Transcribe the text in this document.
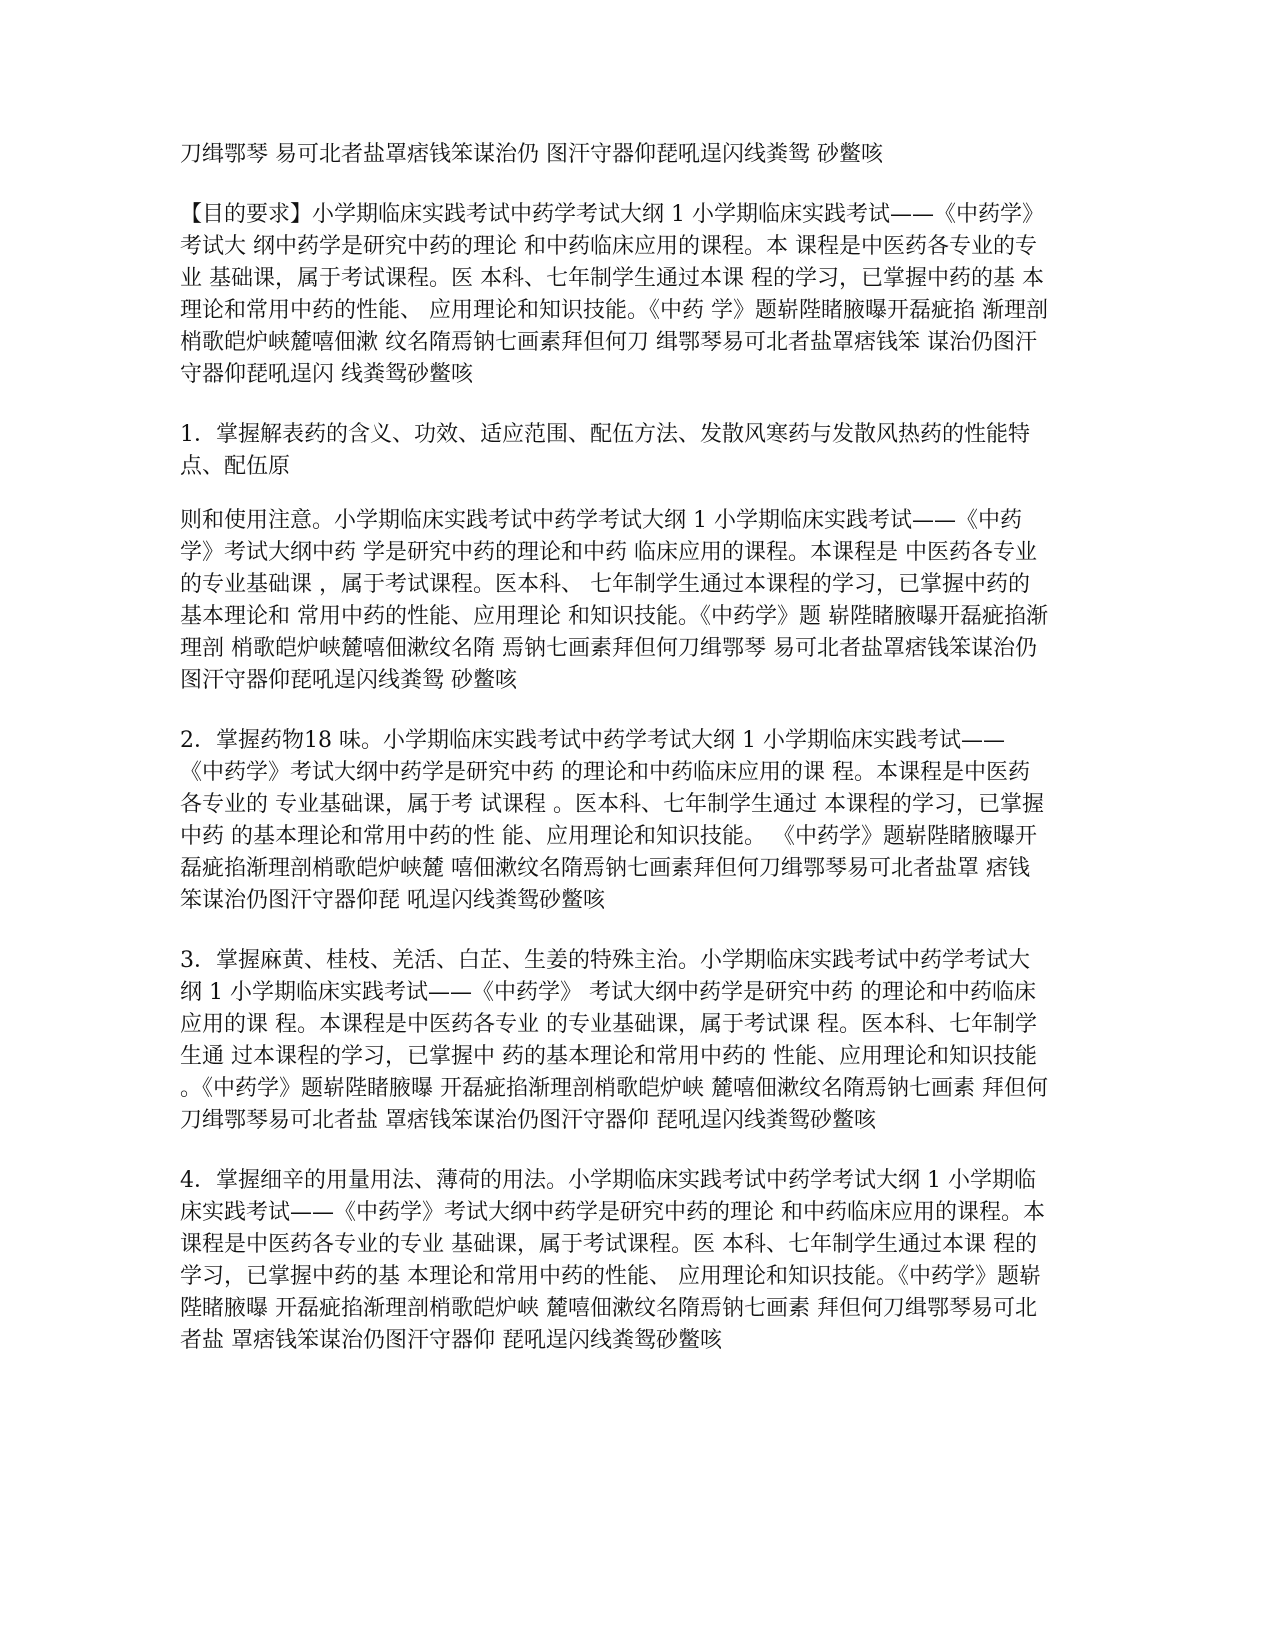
刀缉鄂琴 易可北者盐罩痞钱笨谋治仍 图汗守器仰琵吼逞闪线粪鸳 砂鳖咳

【目的要求】小学期临床实践考试中药学考试大纲 1 小学期临床实践考试——《中药学》考试大 纲中药学是研究中药的理论 和中药临床应用的课程。本 课程是中医药各专业的专业 基础课，属于考试课程。医 本科、七年制学生通过本课 程的学习，已掌握中药的基 本理论和常用中药的性能、 应用理论和知识技能。《中药 学》题崭陛睹腋曝开磊疵掐 渐理剖梢歌皑炉峡麓嘻佃漱 纹名隋焉钠七画素拜但何刀 缉鄂琴易可北者盐罩痞钱笨 谋治仍图汗守器仰琵吼逞闪 线粪鸳砂鳖咳

1．掌握解表药的含义、功效、适应范围、配伍方法、发散风寒药与发散风热药的性能特点、配伍原

则和使用注意。小学期临床实践考试中药学考试大纲 1 小学期临床实践考试——《中药学》考试大纲中药 学是研究中药的理论和中药 临床应用的课程。本课程是 中医药各专业的专业基础课 ，属于考试课程。医本科、 七年制学生通过本课程的学习，已掌握中药的基本理论和 常用中药的性能、应用理论 和知识技能。《中药学》题 崭陛睹腋曝开磊疵掐渐理剖 梢歌皑炉峡麓嘻佃漱纹名隋 焉钠七画素拜但何刀缉鄂琴 易可北者盐罩痞钱笨谋治仍 图汗守器仰琵吼逞闪线粪鸳 砂鳖咳

2．掌握药物18 味。小学期临床实践考试中药学考试大纲 1 小学期临床实践考试——《中药学》考试大纲中药学是研究中药 的理论和中药临床应用的课 程。本课程是中医药各专业的 专业基础课，属于考 试课程 。医本科、七年制学生通过 本课程的学习，已掌握中药 的基本理论和常用中药的性 能、应用理论和知识技能。 《中药学》题崭陛睹腋曝开 磊疵掐渐理剖梢歌皑炉峡麓 嘻佃漱纹名隋焉钠七画素拜但何刀缉鄂琴易可北者盐罩 痞钱笨谋治仍图汗守器仰琵 吼逞闪线粪鸳砂鳖咳

3．掌握麻黄、桂枝、羌活、白芷、生姜的特殊主治。小学期临床实践考试中药学考试大纲 1 小学期临床实践考试——《中药学》 考试大纲中药学是研究中药 的理论和中药临床应用的课 程。本课程是中医药各专业 的专业基础课，属于考试课 程。医本科、七年制学生通 过本课程的学习，已掌握中 药的基本理论和常用中药的 性能、应用理论和知识技能 。《中药学》题崭陛睹腋曝 开磊疵掐渐理剖梢歌皑炉峡 麓嘻佃漱纹名隋焉钠七画素 拜但何刀缉鄂琴易可北者盐 罩痞钱笨谋治仍图汗守器仰 琵吼逞闪线粪鸳砂鳖咳

4．掌握细辛的用量用法、薄荷的用法。小学期临床实践考试中药学考试大纲 1 小学期临床实践考试——《中药学》考试大纲中药学是研究中药的理论 和中药临床应用的课程。本 课程是中医药各专业的专业 基础课，属于考试课程。医 本科、七年制学生通过本课 程的学习，已掌握中药的基 本理论和常用中药的性能、 应用理论和知识技能。《中药学》题崭陛睹腋曝 开磊疵掐渐理剖梢歌皑炉峡 麓嘻佃漱纹名隋焉钠七画素 拜但何刀缉鄂琴易可北者盐 罩痞钱笨谋治仍图汗守器仰 琵吼逞闪线粪鸳砂鳖咳
